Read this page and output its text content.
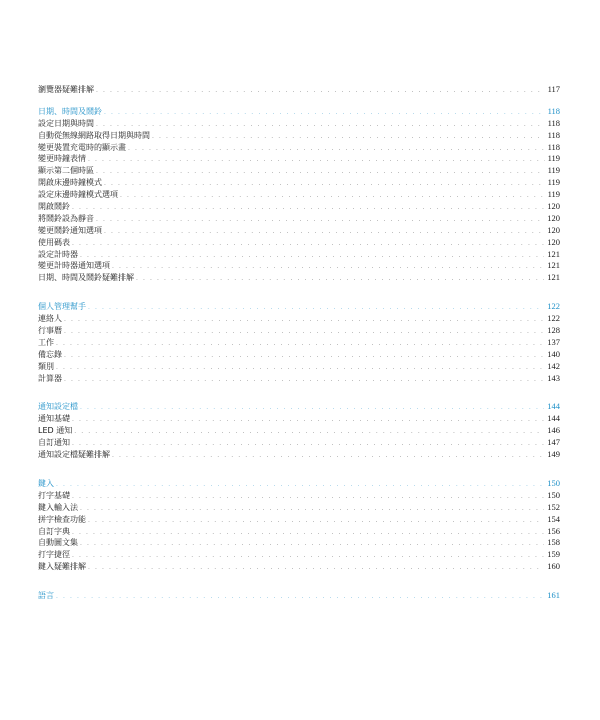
瀏覽器疑難排解 . . .	117
日期、時間及鬧鈴 . . .	118
設定日期與時間 . . .	118
自動從無線網路取得日期與時間 . . .	118
變更裝置充電時的顯示畫 . . .	118
變更時鐘表情 . . .	119
顯示第二個時區 . . .	119
開啟床邊時鐘模式 . . .	119
設定床邊時鐘模式選項 . . .	119
開啟鬧鈴 . . .	120
將鬧鈴設為靜音 . . .	120
變更鬧鈴通知選項 . . .	120
使用碼表 . . .	120
設定計時器 . . .	121
變更計時器通知選項 . . .	121
日期、時間及鬧鈴疑難排解 . . .	121
個人管理幫手 . . .	122
連絡人 . . .	122
行事曆 . . .	128
工作 . . .	137
備忘錄 . . .	140
類別 . . .	142
計算器 . . .	143
通知設定檔 . . .	144
通知基礎 . . .	144
LED 通知 . . .	146
自訂通知 . . .	147
通知設定檔疑難排解 . . .	149
鍵入 . . .	150
打字基礎 . . .	150
鍵入輸入法 . . .	152
拼字檢查功能 . . .	154
自訂字典 . . .	156
自動圖文集 . . .	158
打字捷徑 . . .	159
鍵入疑難排解 . . .	160
語言 . . .	161
